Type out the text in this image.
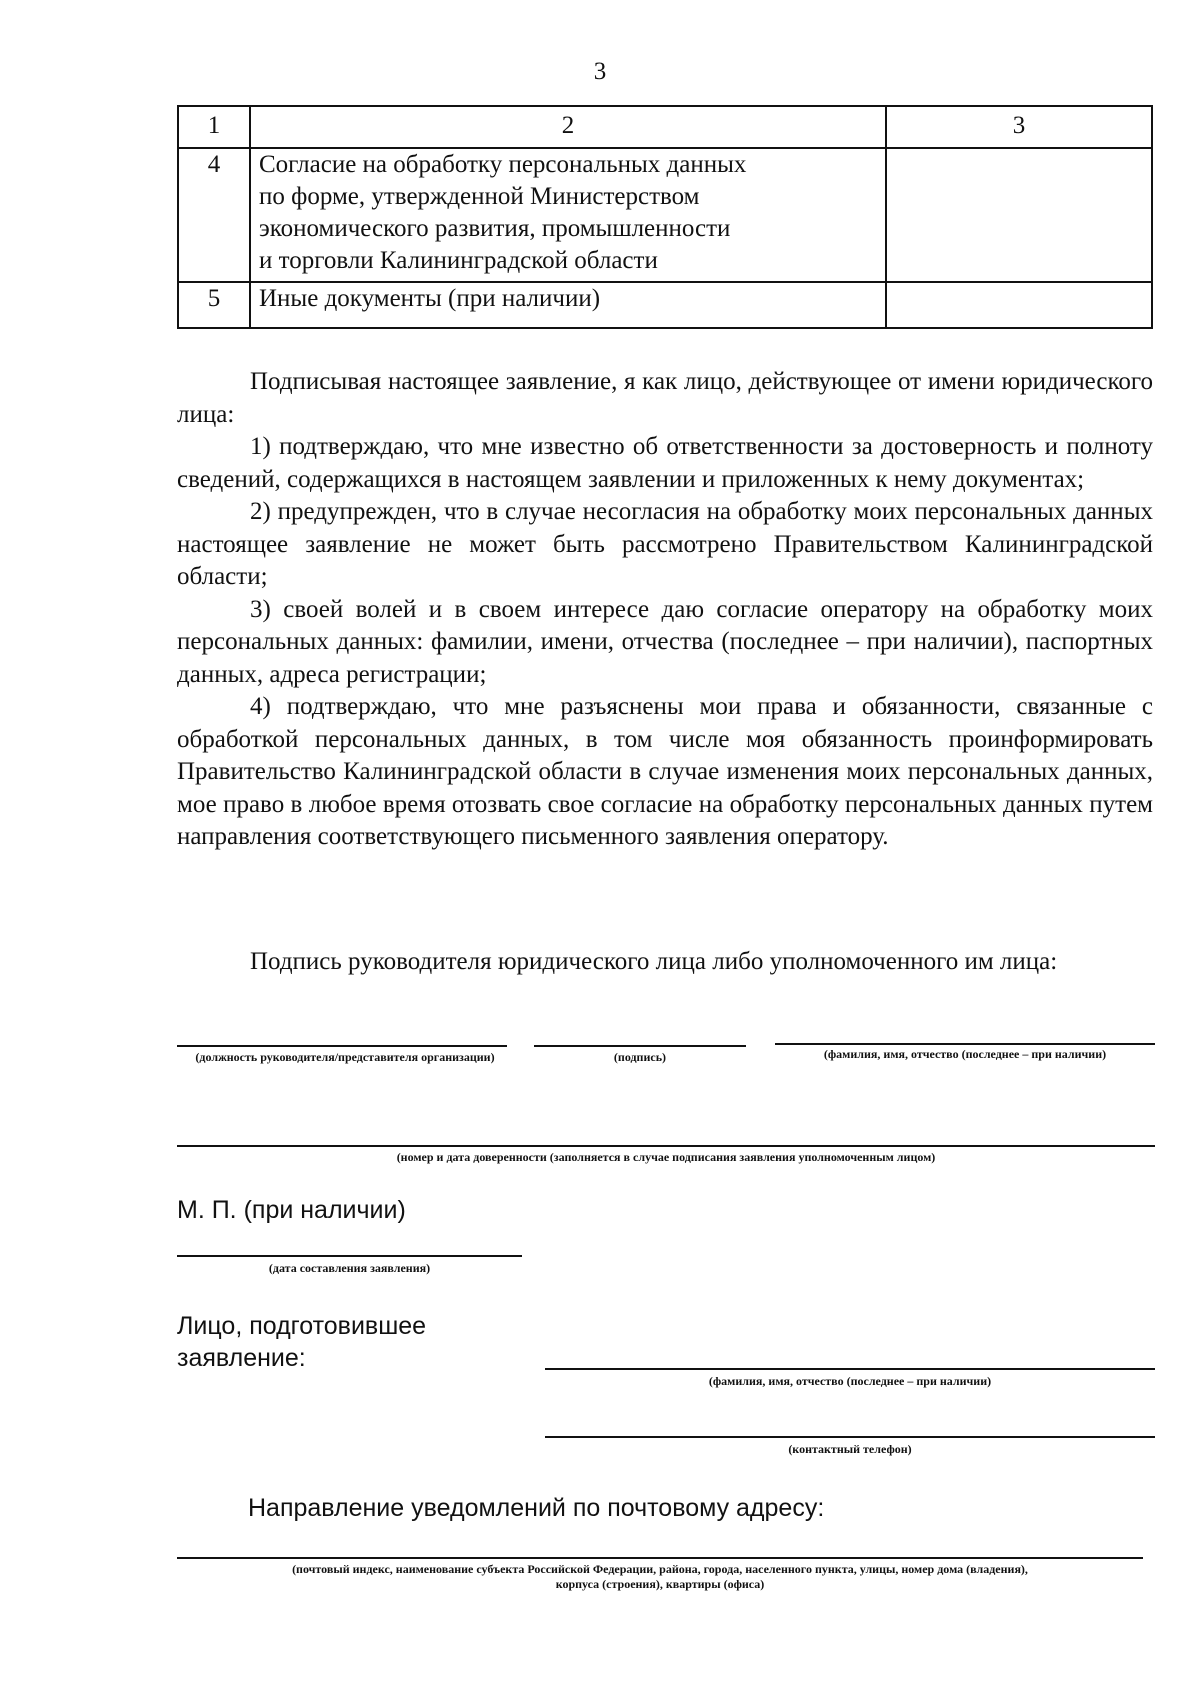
3
1	2	3
4	Согласие на обработку персональных данных
по форме, утвержденной Министерством
экономического развития, промышленности
и торговли Калининградской области	

5	Иные документы (при наличии)	

Подписывая настоящее заявление, я как лицо, действующее от имени юридического лица:

1) подтверждаю, что мне известно об ответственности за достоверность и полноту сведений, содержащихся в настоящем заявлении и приложенных к нему документах;

2) предупрежден, что в случае несогласия на обработку моих персональных данных настоящее заявление не может быть рассмотрено Правительством Калининградской области;

3) своей волей и в своем интересе даю согласие оператору на обработку моих персональных данных: фамилии, имени, отчества (последнее – при наличии), паспортных данных, адреса регистрации;

4) подтверждаю, что мне разъяснены мои права и обязанности, связанные с обработкой персональных данных, в том числе моя обязанность проинформировать Правительство Калининградской области в случае изменения моих персональных данных, мое право в любое время отозвать свое согласие на обработку персональных данных путем направления соответствующего письменного заявления оператору.

Подпись руководителя юридического лица либо уполномоченного им лица:
(должность руководителя/представителя организации)	(подпись)	(фамилия, имя, отчество (последнее – при наличии)
(номер и дата доверенности (заполняется в случае подписания заявления уполномоченным лицом)
М. П. (при наличии)
(дата составления заявления)
Лицо, подготовившее заявление:
(фамилия, имя, отчество (последнее – при наличии)
(контактный телефон)
Направление уведомлений по почтовому адресу:
(почтовый индекс, наименование субъекта Российской Федерации, района, города, населенного пункта, улицы, номер дома (владения), корпуса (строения), квартиры (офиса)
